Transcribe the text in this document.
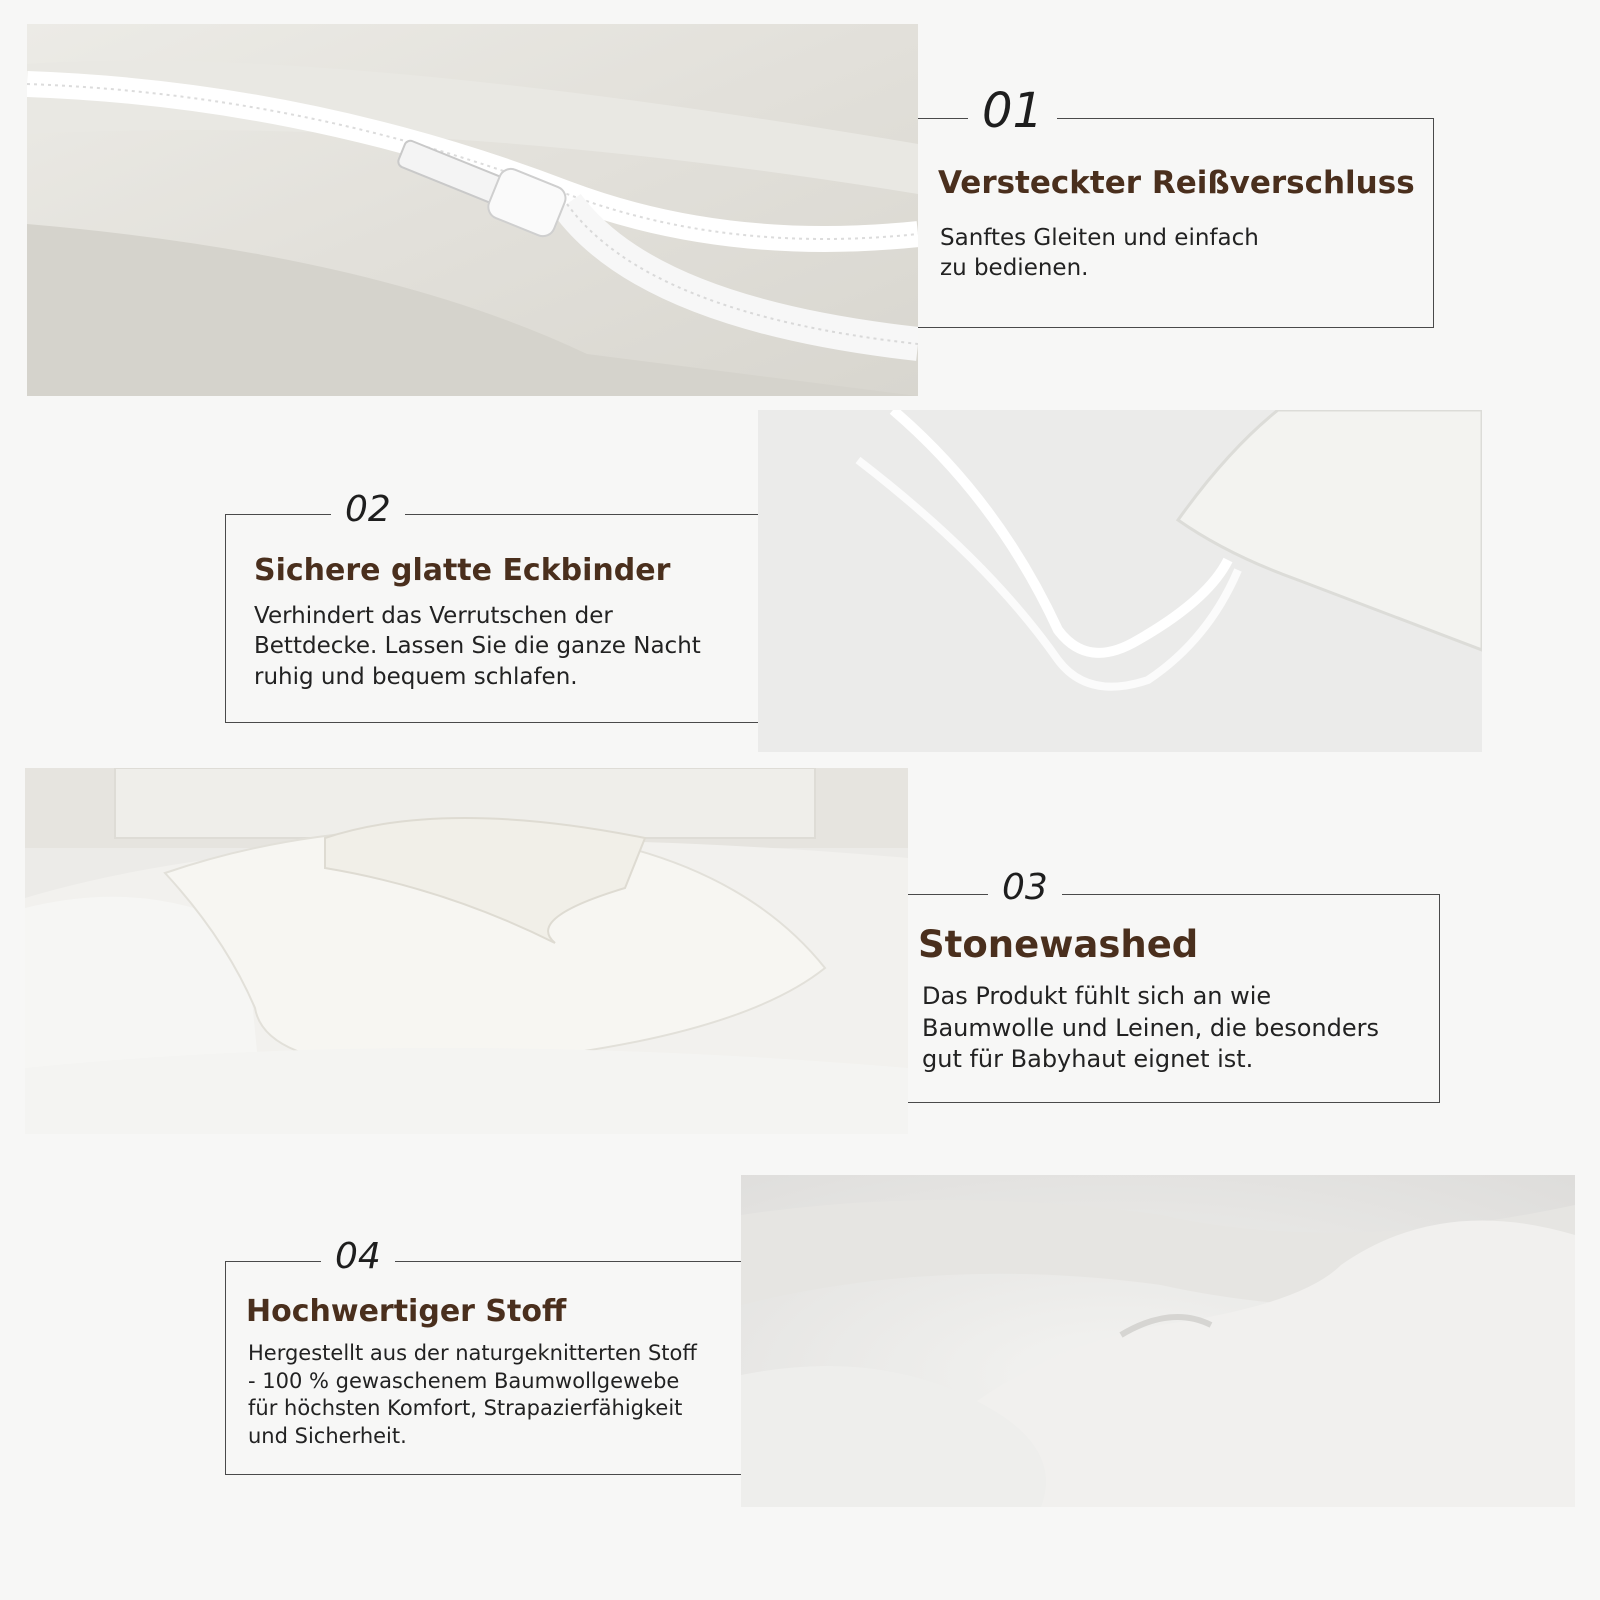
01
Versteckter Reißverschluss
Sanftes Gleiten und einfach
zu bedienen.
02
Sichere glatte Eckbinder
Verhindert das Verrutschen der
Bettdecke. Lassen Sie die ganze Nacht
ruhig und bequem schlafen.
03
Stonewashed
Das Produkt fühlt sich an wie
Baumwolle und Leinen, die besonders
gut für Babyhaut eignet ist.
04
Hochwertiger Stoff
Hergestellt aus der naturgeknitterten Stoff
- 100 % gewaschenem Baumwollgewebe
für höchsten Komfort, Strapazierfähigkeit
und Sicherheit.
